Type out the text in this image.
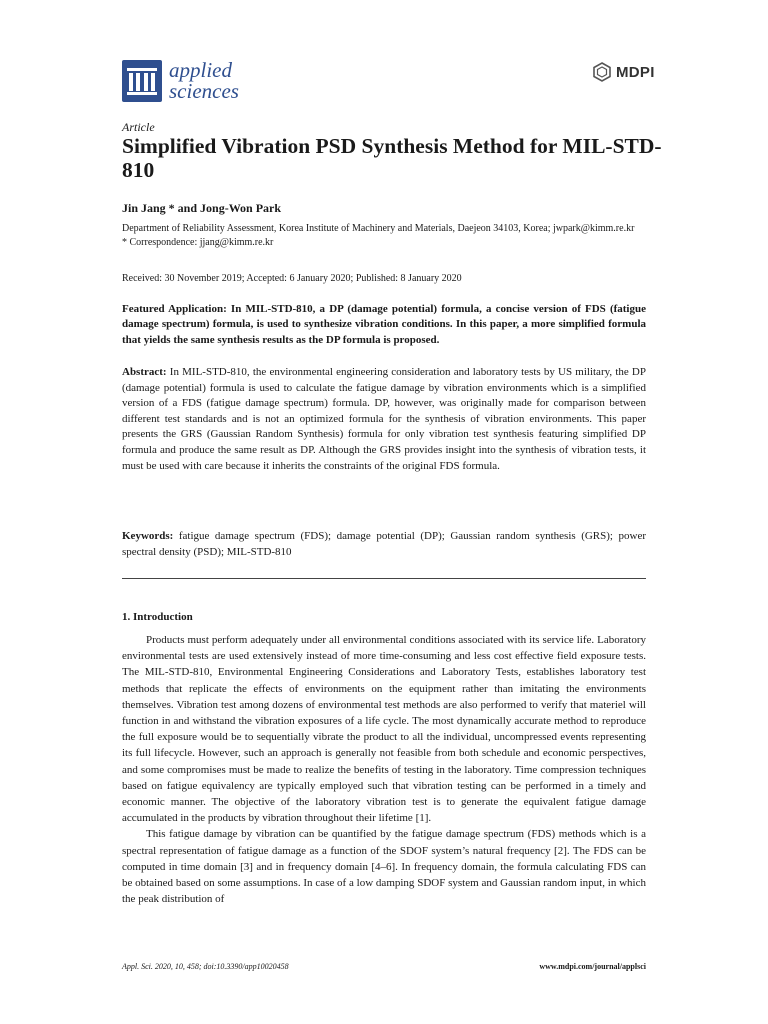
applied
sciences
MDPI
Article
Simplified Vibration PSD Synthesis Method for MIL-STD-810
Jin Jang * and Jong-Won Park
Department of Reliability Assessment, Korea Institute of Machinery and Materials, Daejeon 34103, Korea; jwpark@kimm.re.kr
* Correspondence: jjang@kimm.re.kr
Received: 30 November 2019; Accepted: 6 January 2020; Published: 8 January 2020
Featured Application: In MIL-STD-810, a DP (damage potential) formula, a concise version of FDS (fatigue damage spectrum) formula, is used to synthesize vibration conditions. In this paper, a more simplified formula that yields the same synthesis results as the DP formula is proposed.
Abstract: In MIL-STD-810, the environmental engineering consideration and laboratory tests by US military, the DP (damage potential) formula is used to calculate the fatigue damage by vibration environments which is a simplified version of a FDS (fatigue damage spectrum) formula. DP, however, was originally made for comparison between different test standards and is not an optimized formula for the synthesis of vibration environments. This paper presents the GRS (Gaussian Random Synthesis) formula for only vibration test synthesis featuring simplified DP formula and produce the same result as DP. Although the GRS provides insight into the synthesis of vibration tests, it must be used with care because it inherits the constraints of the original FDS formula.
Keywords: fatigue damage spectrum (FDS); damage potential (DP); Gaussian random synthesis (GRS); power spectral density (PSD); MIL-STD-810
1. Introduction

Products must perform adequately under all environmental conditions associated with its service life. Laboratory environmental tests are used extensively instead of more time-consuming and less cost effective field exposure tests. The MIL-STD-810, Environmental Engineering Considerations and Laboratory Tests, establishes laboratory test methods that replicate the effects of environments on the equipment rather than imitating the environments themselves. Vibration test among dozens of environmental test methods are also performed to verify that materiel will function in and withstand the vibration exposures of a life cycle. The most dynamically accurate method to reproduce the full exposure would be to sequentially vibrate the product to all the individual, uncompressed events representing its full lifecycle. However, such an approach is generally not feasible from both schedule and economic perspectives, and some compromises must be made to realize the benefits of testing in the laboratory. Time compression techniques based on fatigue equivalency are typically employed such that vibration testing can be performed in a timely and economic manner. The objective of the laboratory vibration test is to generate the equivalent fatigue damage accumulated in the products by vibration throughout their lifetime [1].

This fatigue damage by vibration can be quantified by the fatigue damage spectrum (FDS) methods which is a spectral representation of fatigue damage as a function of the SDOF system’s natural frequency [2]. The FDS can be computed in time domain [3] and in frequency domain [4–6]. In frequency domain, the formula calculating FDS can be obtained based on some assumptions. In case of a low damping SDOF system and Gaussian random input, in which the peak distribution of

Appl. Sci. 2020, 10, 458; doi:10.3390/app10020458	www.mdpi.com/journal/applsci
